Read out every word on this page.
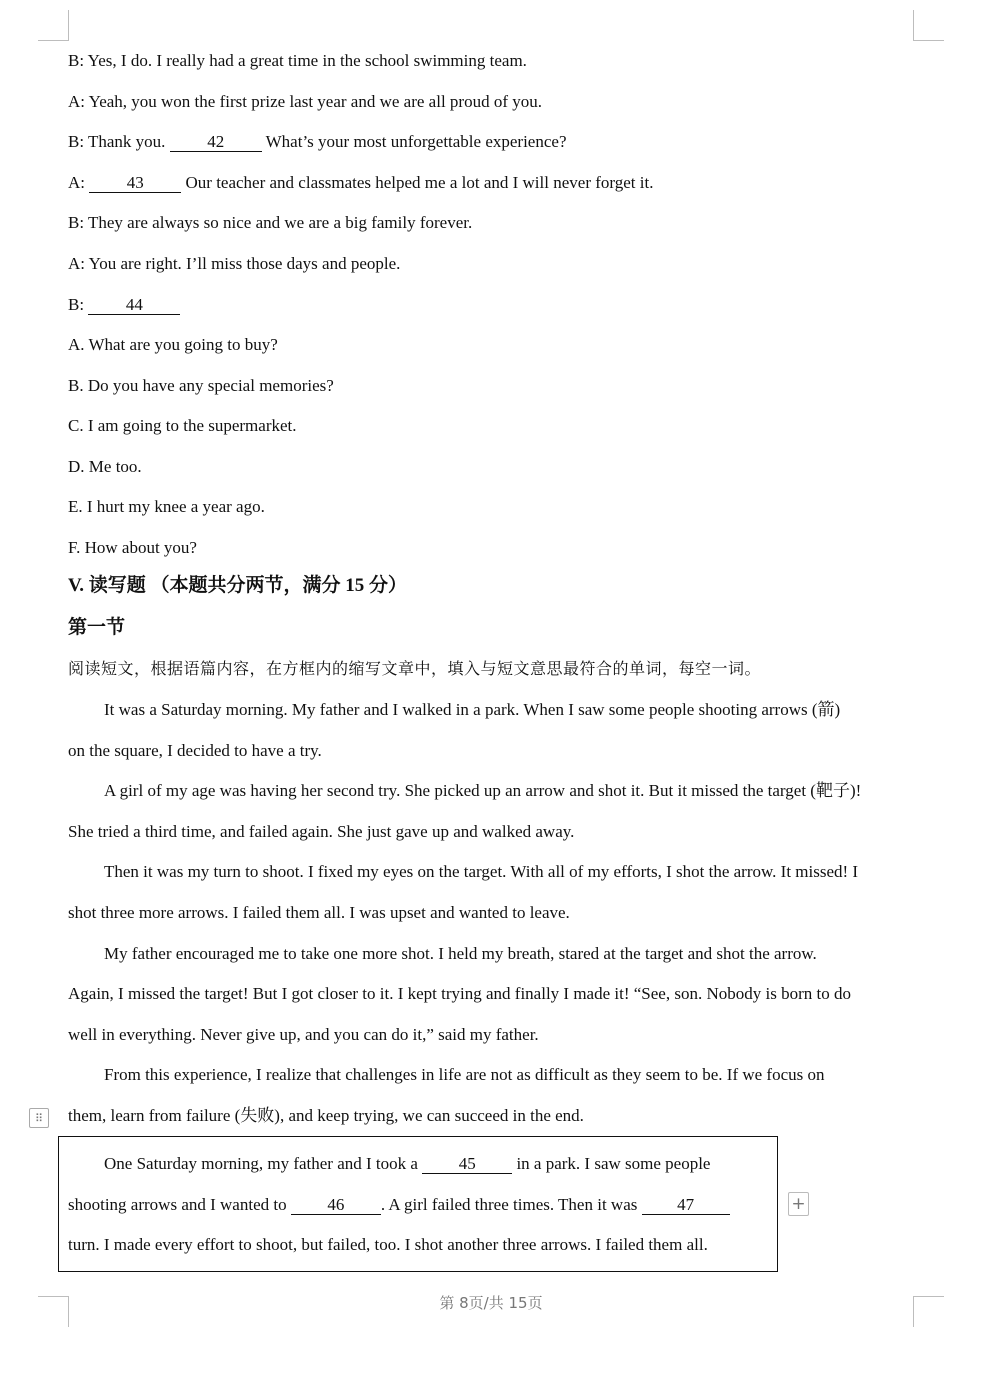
B: Yes, I do. I really had a great time in the school swimming team.
A: Yeah, you won the first prize last year and we are all proud of you.
B: Thank you. 42 What’s your most unforgettable experience?
A: 43 Our teacher and classmates helped me a lot and I will never forget it.
B: They are always so nice and we are a big family forever.
A: You are right. I’ll miss those days and people.
B: 44
A. What are you going to buy?
B. Do you have any special memories?
C. I am going to the supermarket.
D. Me too.
E. I hurt my knee a year ago.
F. How about you?
V. 读写题 （本题共分两节，满分 15 分）
第一节
阅读短文，根据语篇内容，在方框内的缩写文章中，填入与短文意思最符合的单词，每空一词。
It was a Saturday morning. My father and I walked in a park. When I saw some people shooting arrows (箭)
on the square, I decided to have a try.
A girl of my age was having her second try. She picked up an arrow and shot it. But it missed the target (靶子)!
She tried a third time, and failed again. She just gave up and walked away.
Then it was my turn to shoot. I fixed my eyes on the target. With all of my efforts, I shot the arrow. It missed! I
shot three more arrows. I failed them all. I was upset and wanted to leave.
My father encouraged me to take one more shot. I held my breath, stared at the target and shot the arrow.
Again, I missed the target! But I got closer to it. I kept trying and finally I made it! “See, son. Nobody is born to do
well in everything. Never give up, and you can do it,” said my father.
From this experience, I realize that challenges in life are not as difficult as they seem to be. If we focus on
them, learn from failure (失败), and keep trying, we can succeed in the end.
⠿
One Saturday morning, my father and I took a 45 in a park. I saw some people
shooting arrows and I wanted to 46 . A girl failed three times. Then it was 47
turn. I made every effort to shoot, but failed, too. I shot another three arrows. I failed them all.
+
第 8页/共 15页
